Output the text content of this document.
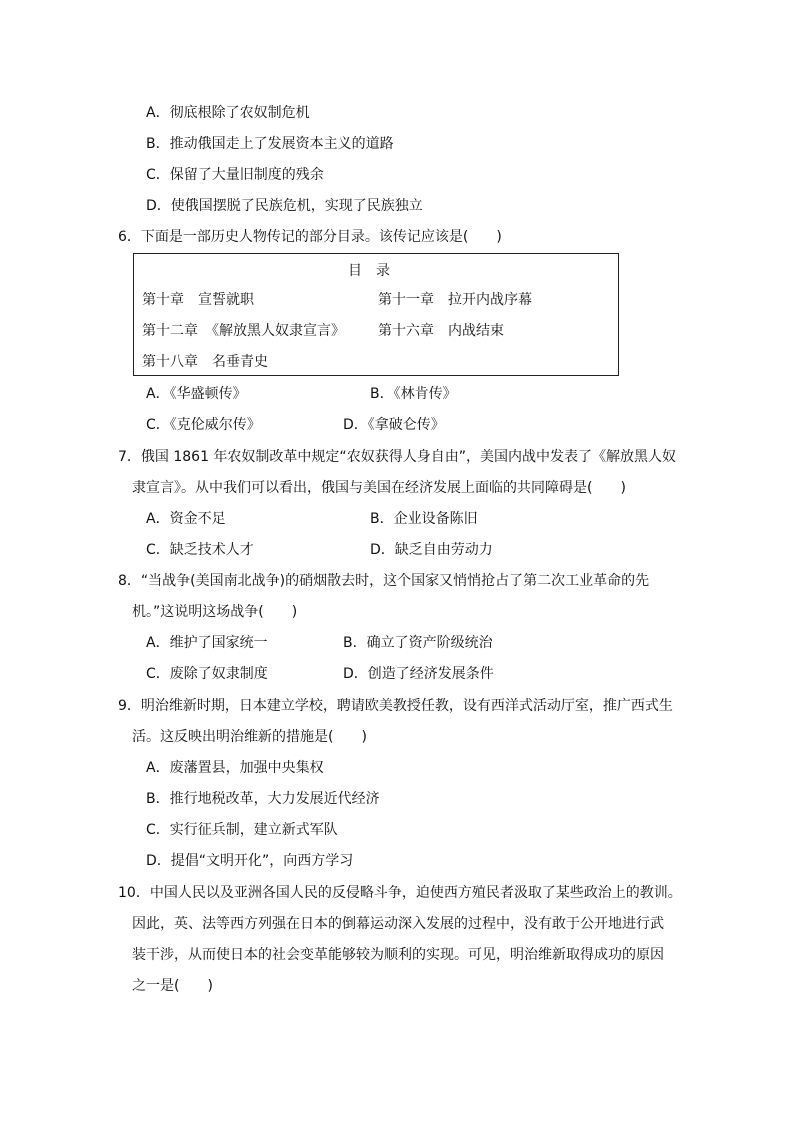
A．彻底根除了农奴制危机
B．推动俄国走上了发展资本主义的道路
C．保留了大量旧制度的残余
D．使俄国摆脱了民族危机，实现了民族独立
6．下面是一部历史人物传记的部分目录。该传记应该是(　　)
目录
第十章　宣誓就职	第十一章　拉开内战序幕
第十二章　《解放黑人奴隶宣言》 第十六章　内战结束
第十八章　名垂青史
A．《华盛顿传》	B．《林肯传》
C．《克伦威尔传》	D．《拿破仑传》
7．俄国 1861 年农奴制改革中规定“农奴获得人身自由”，美国内战中发表了《解放黑人奴
隶宣言》。从中我们可以看出，俄国与美国在经济发展上面临的共同障碍是(　　)
A．资金不足	B．企业设备陈旧
C．缺乏技术人才	D．缺乏自由劳动力
8．“当战争(美国南北战争)的硝烟散去时，这个国家又悄悄抢占了第二次工业革命的先
机。”这说明这场战争(　　)
A．维护了国家统一	B．确立了资产阶级统治
C．废除了奴隶制度	D．创造了经济发展条件
9．明治维新时期，日本建立学校，聘请欧美教授任教，设有西洋式活动厅室，推广西式生
活。这反映出明治维新的措施是(　　)
A．废藩置县，加强中央集权
B．推行地税改革，大力发展近代经济
C．实行征兵制，建立新式军队
D．提倡“文明开化”，向西方学习
10．中国人民以及亚洲各国人民的反侵略斗争，迫使西方殖民者汲取了某些政治上的教训。
因此，英、法等西方列强在日本的倒幕运动深入发展的过程中，没有敢于公开地进行武
装干涉，从而使日本的社会变革能够较为顺利的实现。可见，明治维新取得成功的原因
之一是(　　)
